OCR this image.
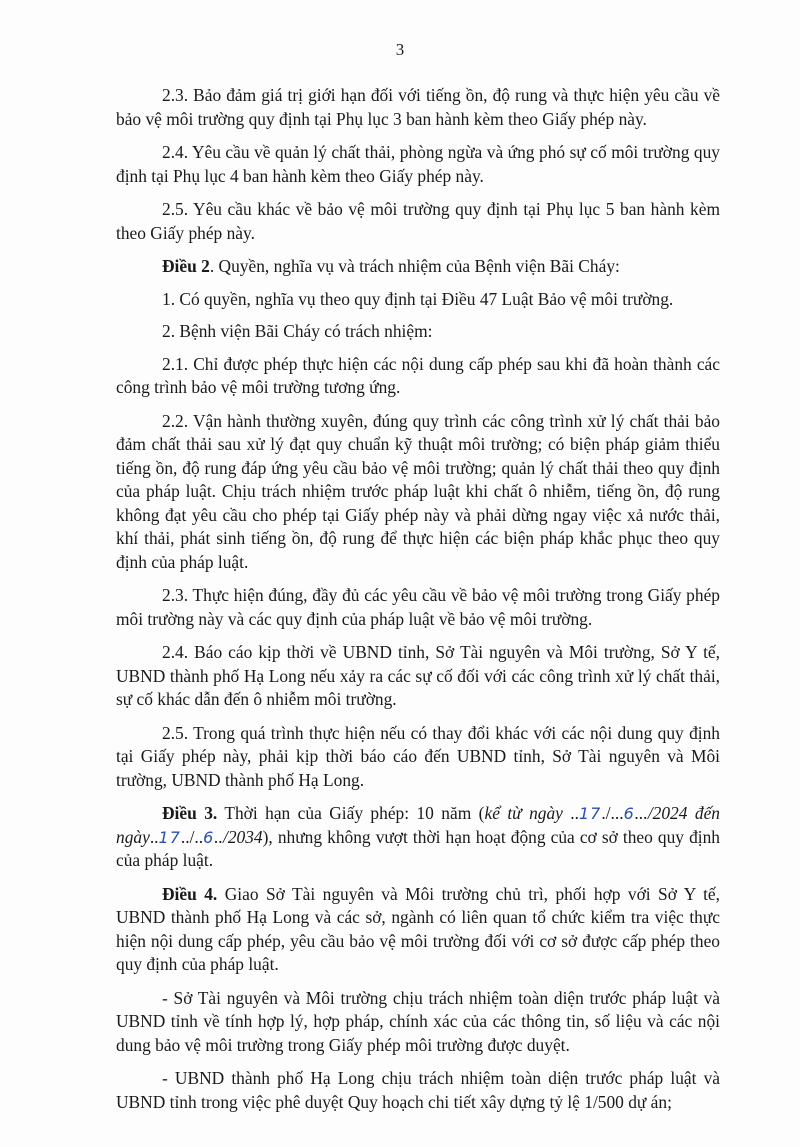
3

2.3. Bảo đảm giá trị giới hạn đối với tiếng ồn, độ rung và thực hiện yêu cầu về bảo vệ môi trường quy định tại Phụ lục 3 ban hành kèm theo Giấy phép này.

2.4. Yêu cầu về quản lý chất thải, phòng ngừa và ứng phó sự cố môi trường quy định tại Phụ lục 4 ban hành kèm theo Giấy phép này.

2.5. Yêu cầu khác về bảo vệ môi trường quy định tại Phụ lục 5 ban hành kèm theo Giấy phép này.

Điều 2. Quyền, nghĩa vụ và trách nhiệm của Bệnh viện Bãi Cháy:

1. Có quyền, nghĩa vụ theo quy định tại Điều 47 Luật Bảo vệ môi trường.

2. Bệnh viện Bãi Cháy có trách nhiệm:

2.1. Chỉ được phép thực hiện các nội dung cấp phép sau khi đã hoàn thành các công trình bảo vệ môi trường tương ứng.

2.2. Vận hành thường xuyên, đúng quy trình các công trình xử lý chất thải bảo đảm chất thải sau xử lý đạt quy chuẩn kỹ thuật môi trường; có biện pháp giảm thiểu tiếng ồn, độ rung đáp ứng yêu cầu bảo vệ môi trường; quản lý chất thải theo quy định của pháp luật. Chịu trách nhiệm trước pháp luật khi chất ô nhiễm, tiếng ồn, độ rung không đạt yêu cầu cho phép tại Giấy phép này và phải dừng ngay việc xả nước thải, khí thải, phát sinh tiếng ồn, độ rung để thực hiện các biện pháp khắc phục theo quy định của pháp luật.

2.3. Thực hiện đúng, đầy đủ các yêu cầu về bảo vệ môi trường trong Giấy phép môi trường này và các quy định của pháp luật về bảo vệ môi trường.

2.4. Báo cáo kịp thời về UBND tỉnh, Sở Tài nguyên và Môi trường, Sở Y tế, UBND thành phố Hạ Long nếu xảy ra các sự cố đối với các công trình xử lý chất thải, sự cố khác dẫn đến ô nhiễm môi trường.

2.5. Trong quá trình thực hiện nếu có thay đổi khác với các nội dung quy định tại Giấy phép này, phải kịp thời báo cáo đến UBND tỉnh, Sở Tài nguyên và Môi trường, UBND thành phố Hạ Long.

Điều 3. Thời hạn của Giấy phép: 10 năm (kể từ ngày ..17./...6.../2024 đến ngày..17../..6../2034), nhưng không vượt thời hạn hoạt động của cơ sở theo quy định của pháp luật.

Điều 4. Giao Sở Tài nguyên và Môi trường chủ trì, phối hợp với Sở Y tế, UBND thành phố Hạ Long và các sở, ngành có liên quan tổ chức kiểm tra việc thực hiện nội dung cấp phép, yêu cầu bảo vệ môi trường đối với cơ sở được cấp phép theo quy định của pháp luật.

- Sở Tài nguyên và Môi trường chịu trách nhiệm toàn diện trước pháp luật và UBND tỉnh về tính hợp lý, hợp pháp, chính xác của các thông tin, số liệu và các nội dung bảo vệ môi trường trong Giấy phép môi trường được duyệt.

- UBND thành phố Hạ Long chịu trách nhiệm toàn diện trước pháp luật và UBND tỉnh trong việc phê duyệt Quy hoạch chi tiết xây dựng tỷ lệ 1/500 dự án;
